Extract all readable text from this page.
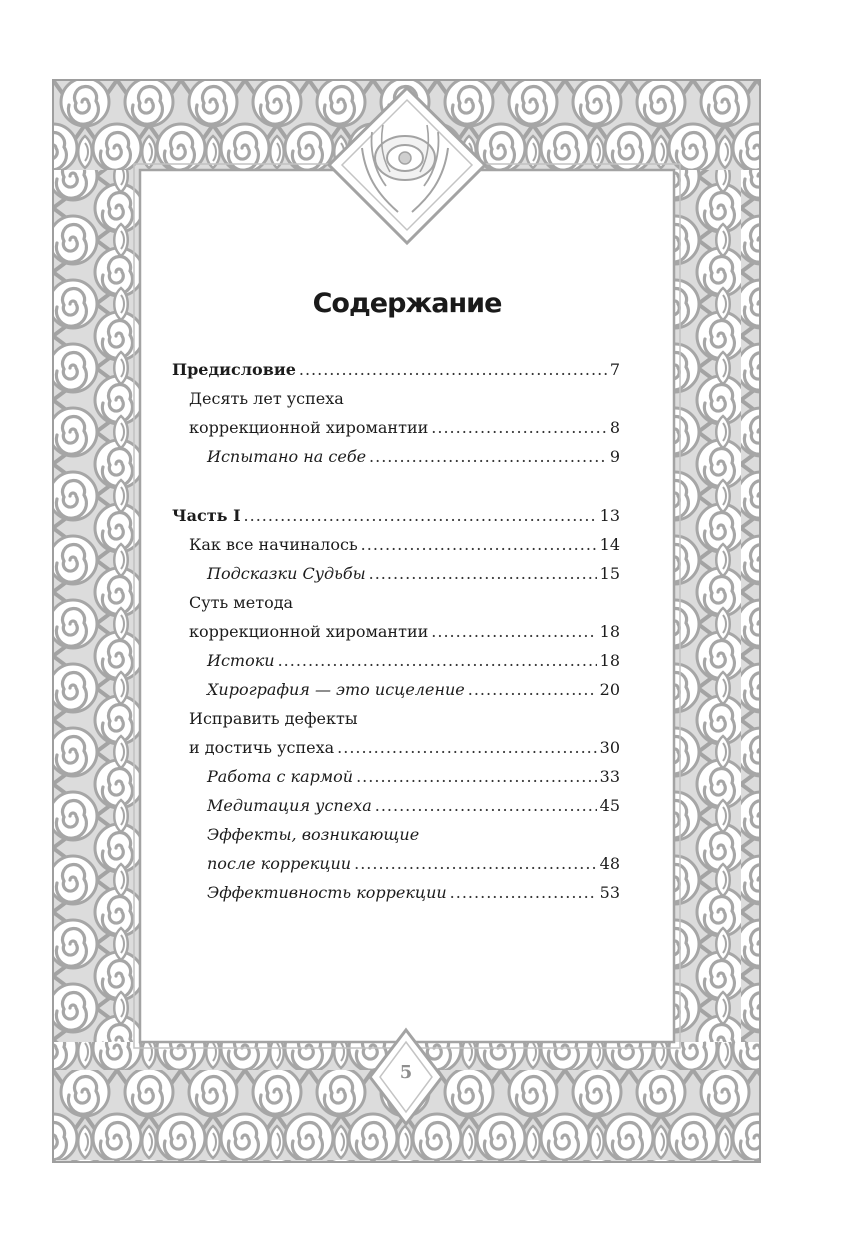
Содержание
Предисловие .....	7
Десять лет успеха
коррекционной хиромантии .....	8
Испытано на себе .....	9
Часть I .....	13
Как все начиналось .....	14
Подсказки Судьбы .....	15
Суть метода
коррекционной хиромантии .....	18
Истоки .....	18
Хирография — это исцеление .....	20
Исправить дефекты
и достичь успеха .....	30
Работа с кармой .....	33
Медитация успеха .....	45
Эффекты, возникающие
после коррекции .....	48
Эффективность коррекции .....	53
5
